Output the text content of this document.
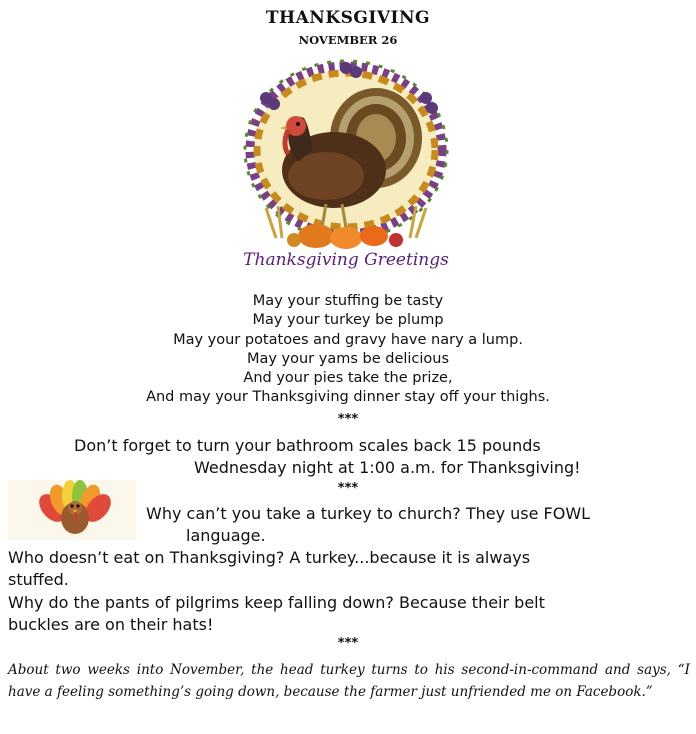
THANKSGIVING
NOVEMBER 26
Thanksgiving Greetings
May your stuffing be tasty
May your turkey be plump
May your potatoes and gravy have nary a lump.
May your yams be delicious
And your pies take the prize,
And may your Thanksgiving dinner stay off your thighs.
***
Don’t forget to turn your bathroom scales back 15 pounds
Wednesday night at 1:00 a.m. for Thanksgiving!
***
Why can’t you take a turkey to church? They use FOWL
language.
Who doesn’t eat on Thanksgiving? A turkey...because it is always
stuffed.
Why do the pants of pilgrims keep falling down? Because their belt
buckles are on their hats!
***
About two weeks into November, the head turkey turns to his second-in-command and says, “I have a feeling something’s going down, because the farmer just unfriended me on Facebook.”
